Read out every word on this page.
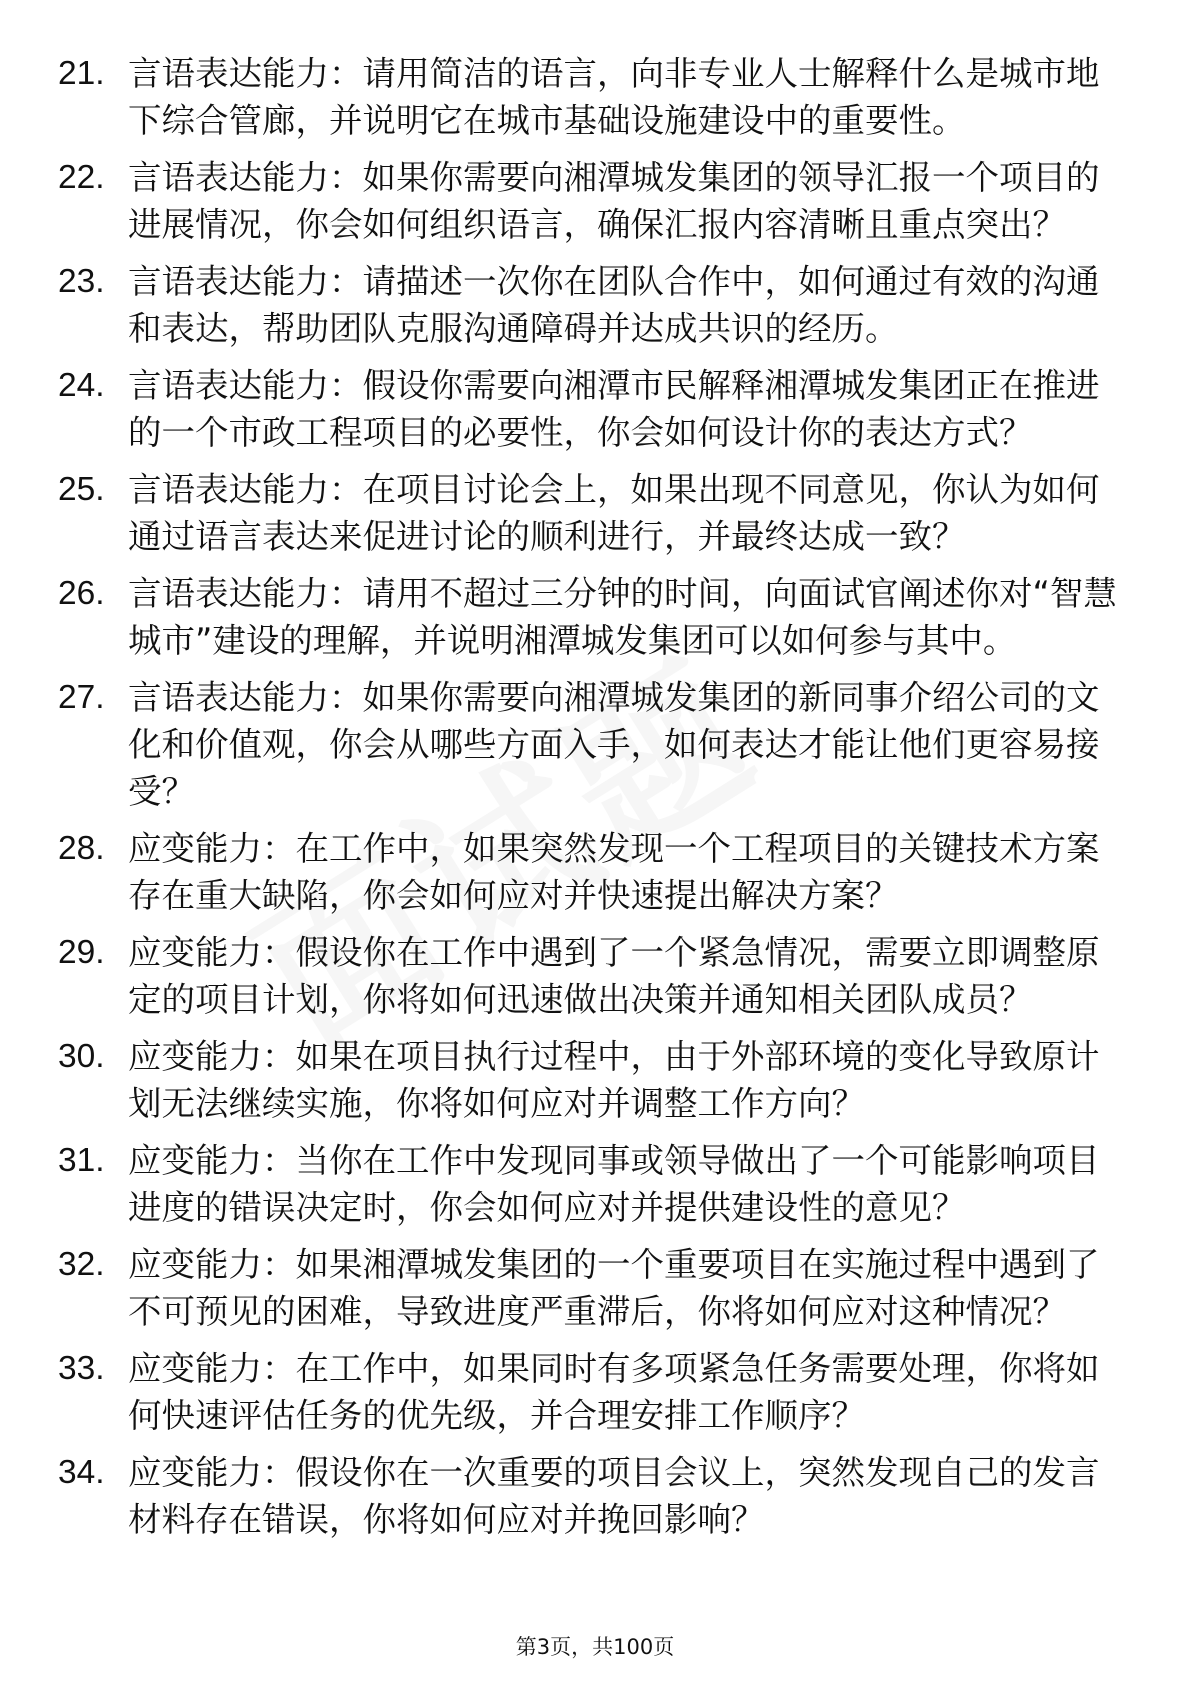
21. 言语表达能力：请用简洁的语言，向非专业人士解释什么是城市地下综合管廊，并说明它在城市基础设施建设中的重要性。
22. 言语表达能力：如果你需要向湘潭城发集团的领导汇报一个项目的进展情况，你会如何组织语言，确保汇报内容清晰且重点突出？
23. 言语表达能力：请描述一次你在团队合作中，如何通过有效的沟通和表达，帮助团队克服沟通障碍并达成共识的经历。
24. 言语表达能力：假设你需要向湘潭市民解释湘潭城发集团正在推进的一个市政工程项目的必要性，你会如何设计你的表达方式？
25. 言语表达能力：在项目讨论会上，如果出现不同意见，你认为如何通过语言表达来促进讨论的顺利进行，并最终达成一致？
26. 言语表达能力：请用不超过三分钟的时间，向面试官阐述你对“智慧城市”建设的理解，并说明湘潭城发集团可以如何参与其中。
27. 言语表达能力：如果你需要向湘潭城发集团的新同事介绍公司的文化和价值观，你会从哪些方面入手，如何表达才能让他们更容易接受？
28. 应变能力：在工作中，如果突然发现一个工程项目的关键技术方案存在重大缺陷，你会如何应对并快速提出解决方案？
29. 应变能力：假设你在工作中遇到了一个紧急情况，需要立即调整原定的项目计划，你将如何迅速做出决策并通知相关团队成员？
30. 应变能力：如果在项目执行过程中，由于外部环境的变化导致原计划无法继续实施，你将如何应对并调整工作方向？
31. 应变能力：当你在工作中发现同事或领导做出了一个可能影响项目进度的错误决定时，你会如何应对并提供建设性的意见？
32. 应变能力：如果湘潭城发集团的一个重要项目在实施过程中遇到了不可预见的困难，导致进度严重滞后，你将如何应对这种情况？
33. 应变能力：在工作中，如果同时有多项紧急任务需要处理，你将如何快速评估任务的优先级，并合理安排工作顺序？
34. 应变能力：假设你在一次重要的项目会议上，突然发现自己的发言材料存在错误，你将如何应对并挽回影响？
第3页，共100页
